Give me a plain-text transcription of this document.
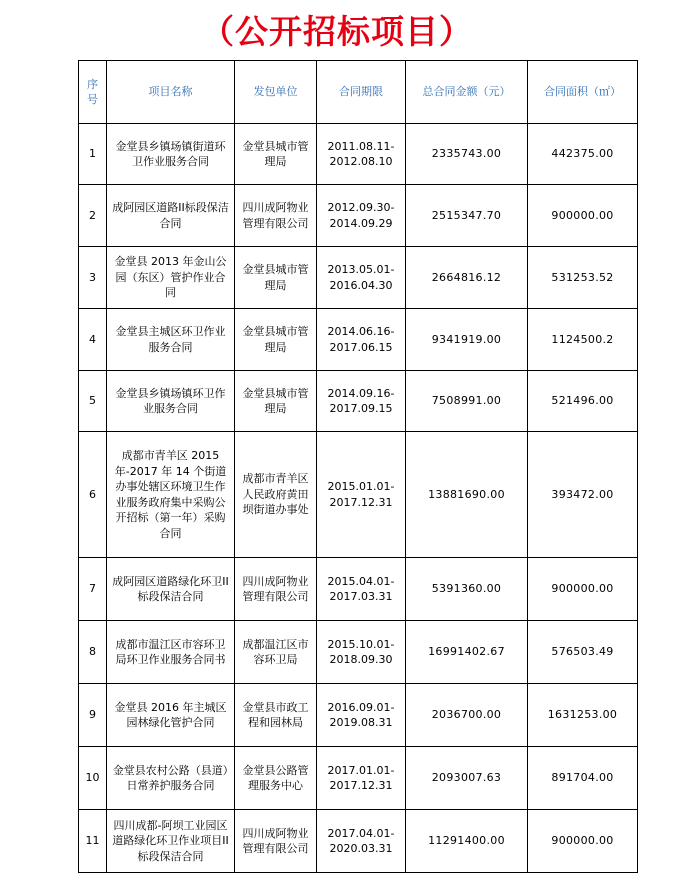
（公开招标项目）
序号	项目名称	发包单位	合同期限	总合同金额（元）	合同面积（㎡）
1	金堂县乡镇场镇街道环卫作业服务合同	金堂县城市管理局	2011.08.11-2012.08.10	2335743.00	442375.00
2	成阿园区道路II标段保洁合同	四川成阿物业管理有限公司	2012.09.30-2014.09.29	2515347.70	900000.00
3	金堂县 2013 年金山公园（东区）管护作业合同	金堂县城市管理局	2013.05.01-2016.04.30	2664816.12	531253.52
4	金堂县主城区环卫作业服务合同	金堂县城市管理局	2014.06.16-2017.06.15	9341919.00	1124500.2
5	金堂县乡镇场镇环卫作业服务合同	金堂县城市管理局	2014.09.16-2017.09.15	7508991.00	521496.00
6	成都市青羊区 2015 年-2017 年 14 个街道办事处辖区环境卫生作业服务政府集中采购公开招标（第一年）采购合同	成都市青羊区人民政府黄田坝街道办事处	2015.01.01-2017.12.31	13881690.00	393472.00
7	成阿园区道路绿化环卫II标段保洁合同	四川成阿物业管理有限公司	2015.04.01-2017.03.31	5391360.00	900000.00
8	成都市温江区市容环卫局环卫作业服务合同书	成都温江区市容环卫局	2015.10.01-2018.09.30	16991402.67	576503.49
9	金堂县 2016 年主城区园林绿化管护合同	金堂县市政工程和园林局	2016.09.01-2019.08.31	2036700.00	1631253.00
10	金堂县农村公路（县道）日常养护服务合同	金堂县公路管理服务中心	2017.01.01-2017.12.31	2093007.63	891704.00
11	四川成都-阿坝工业园区道路绿化环卫作业项目II标段保洁合同	四川成阿物业管理有限公司	2017.04.01-2020.03.31	11291400.00	900000.00
